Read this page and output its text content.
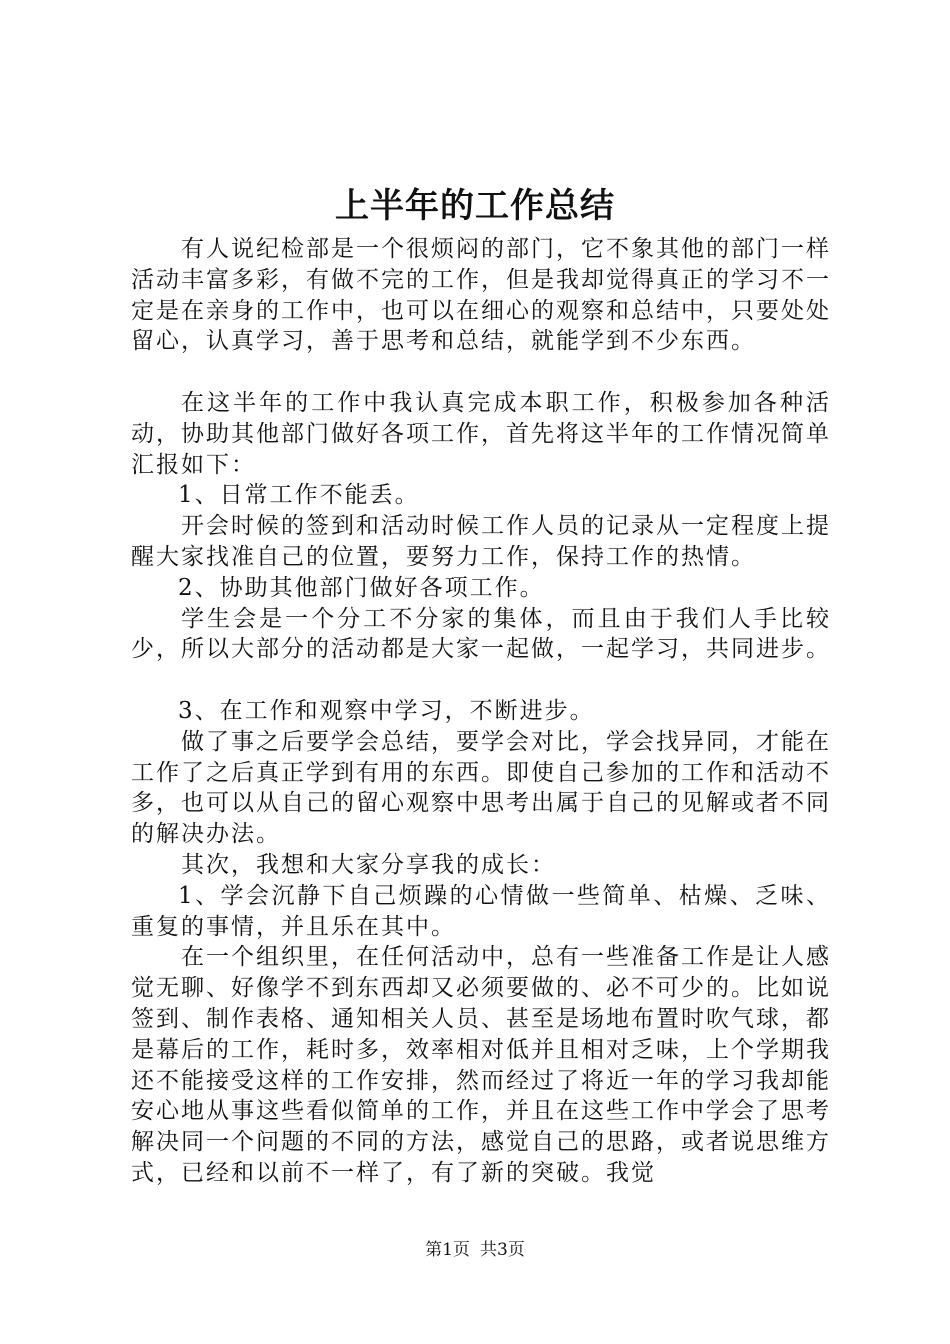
上半年的工作总结

有人说纪检部是一个很烦闷的部门，它不象其他的部门一样活动丰富多彩，有做不完的工作，但是我却觉得真正的学习不一定是在亲身的工作中，也可以在细心的观察和总结中，只要处处留心，认真学习，善于思考和总结，就能学到不少东西。

在这半年的工作中我认真完成本职工作，积极参加各种活动，协助其他部门做好各项工作，首先将这半年的工作情况简单汇报如下：

1、日常工作不能丢。

开会时候的签到和活动时候工作人员的记录从一定程度上提醒大家找准自己的位置，要努力工作，保持工作的热情。

2、协助其他部门做好各项工作。

学生会是一个分工不分家的集体，而且由于我们人手比较少，所以大部分的活动都是大家一起做，一起学习，共同进步。

3、在工作和观察中学习，不断进步。

做了事之后要学会总结，要学会对比，学会找异同，才能在工作了之后真正学到有用的东西。即使自己参加的工作和活动不多，也可以从自己的留心观察中思考出属于自己的见解或者不同的解决办法。

其次，我想和大家分享我的成长：

1、学会沉静下自己烦躁的心情做一些简单、枯燥、乏味、重复的事情，并且乐在其中。

在一个组织里，在任何活动中，总有一些准备工作是让人感觉无聊、好像学不到东西却又必须要做的、必不可少的。比如说签到、制作表格、通知相关人员、甚至是场地布置时吹气球，都是幕后的工作，耗时多，效率相对低并且相对乏味，上个学期我还不能接受这样的工作安排，然而经过了将近一年的学习我却能安心地从事这些看似简单的工作，并且在这些工作中学会了思考解决同一个问题的不同的方法，感觉自己的思路，或者说思维方式，已经和以前不一样了，有了新的突破。我觉

第1页 共3页
